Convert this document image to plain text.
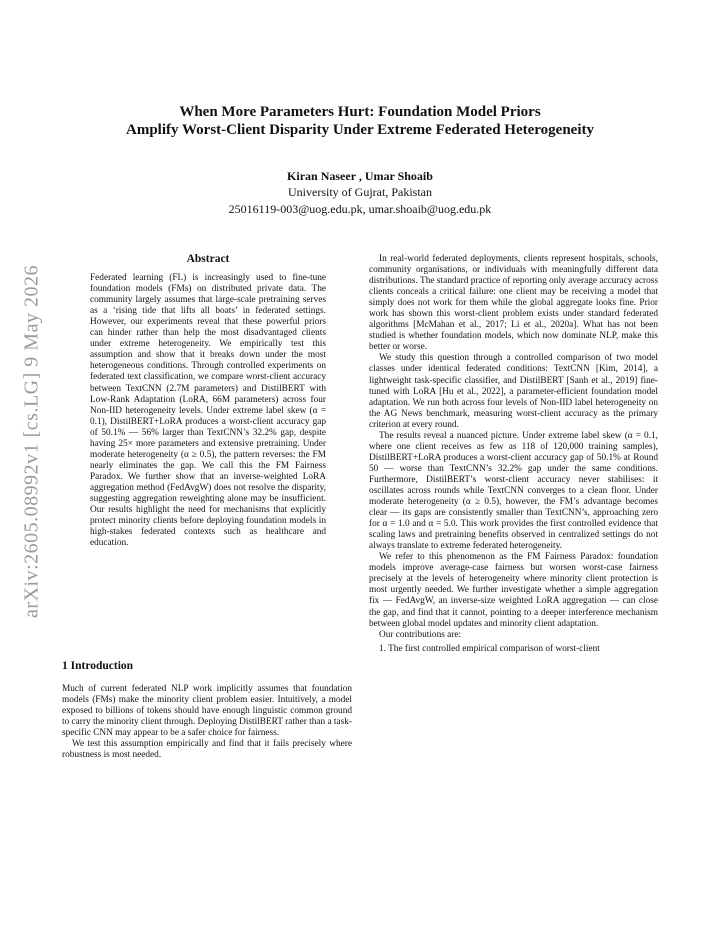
arXiv:2605.08992v1 [cs.LG] 9 May 2026

When More Parameters Hurt: Foundation Model Priors

Amplify Worst-Client Disparity Under Extreme Federated Heterogeneity

Kiran Naseer , Umar Shoaib
University of Gujrat, Pakistan
25016119-003@uog.edu.pk, umar.shoaib@uog.edu.pk
Abstract

Federated learning (FL) is increasingly used to fine-tune foundation models (FMs) on distributed private data. The community largely assumes that large-scale pretraining serves as a ‘rising tide that lifts all boats’ in federated settings. However, our experiments reveal that these powerful priors can hinder rather than help the most disadvantaged clients under extreme heterogeneity. We empirically test this assumption and show that it breaks down under the most heterogeneous conditions. Through controlled experiments on federated text classification, we compare worst-client accuracy between TextCNN (2.7M parameters) and DistilBERT with Low-Rank Adaptation (LoRA, 66M parameters) across four Non-IID heterogeneity levels. Under extreme label skew (α = 0.1), DistilBERT+LoRA produces a worst-client accuracy gap of 50.1% — 56% larger than TextCNN’s 32.2% gap, despite having 25× more parameters and extensive pretraining. Under moderate heterogeneity (α ≥ 0.5), the pattern reverses: the FM nearly eliminates the gap. We call this the FM Fairness Paradox. We further show that an inverse-weighted LoRA aggregation method (FedAvgW) does not resolve the disparity, suggesting aggregation reweighting alone may be insufficient. Our results highlight the need for mechanisms that explicitly protect minority clients before deploying foundation models in high-stakes federated contexts such as healthcare and education.

1 Introduction

Much of current federated NLP work implicitly assumes that foundation models (FMs) make the minority client problem easier. Intuitively, a model exposed to billions of tokens should have enough linguistic common ground to carry the minority client through. Deploying DistilBERT rather than a task-specific CNN may appear to be a safer choice for fairness.

We test this assumption empirically and find that it fails precisely where robustness is most needed.

In real-world federated deployments, clients represent hospitals, schools, community organisations, or individuals with meaningfully different data distributions. The standard practice of reporting only average accuracy across clients conceals a critical failure: one client may be receiving a model that simply does not work for them while the global aggregate looks fine. Prior work has shown this worst-client problem exists under standard federated algorithms [McMahan et al., 2017; Li et al., 2020a]. What has not been studied is whether foundation models, which now dominate NLP, make this better or worse.

We study this question through a controlled comparison of two model classes under identical federated conditions: TextCNN [Kim, 2014], a lightweight task-specific classifier, and DistilBERT [Sanh et al., 2019] fine-tuned with LoRA [Hu et al., 2022], a parameter-efficient foundation model adaptation. We run both across four levels of Non-IID label heterogeneity on the AG News benchmark, measuring worst-client accuracy as the primary criterion at every round.

The results reveal a nuanced picture. Under extreme label skew (α = 0.1, where one client receives as few as 118 of 120,000 training samples), DistilBERT+LoRA produces a worst-client accuracy gap of 50.1% at Round 50 — worse than TextCNN’s 32.2% gap under the same conditions. Furthermore, DistilBERT’s worst-client accuracy never stabilises: it oscillates across rounds while TextCNN converges to a clean floor. Under moderate heterogeneity (α ≥ 0.5), however, the FM’s advantage becomes clear — its gaps are consistently smaller than TextCNN’s, approaching zero for α = 1.0 and α = 5.0. This work provides the first controlled evidence that scaling laws and pretraining benefits observed in centralized settings do not always translate to extreme federated heterogeneity.

We refer to this phenomenon as the FM Fairness Paradox: foundation models improve average-case fairness but worsen worst-case fairness precisely at the levels of heterogeneity where minority client protection is most urgently needed. We further investigate whether a simple aggregation fix — FedAvgW, an inverse-size weighted LoRA aggregation — can close the gap, and find that it cannot, pointing to a deeper interference mechanism between global model updates and minority client adaptation.

Our contributions are:

1. The first controlled empirical comparison of worst-client
